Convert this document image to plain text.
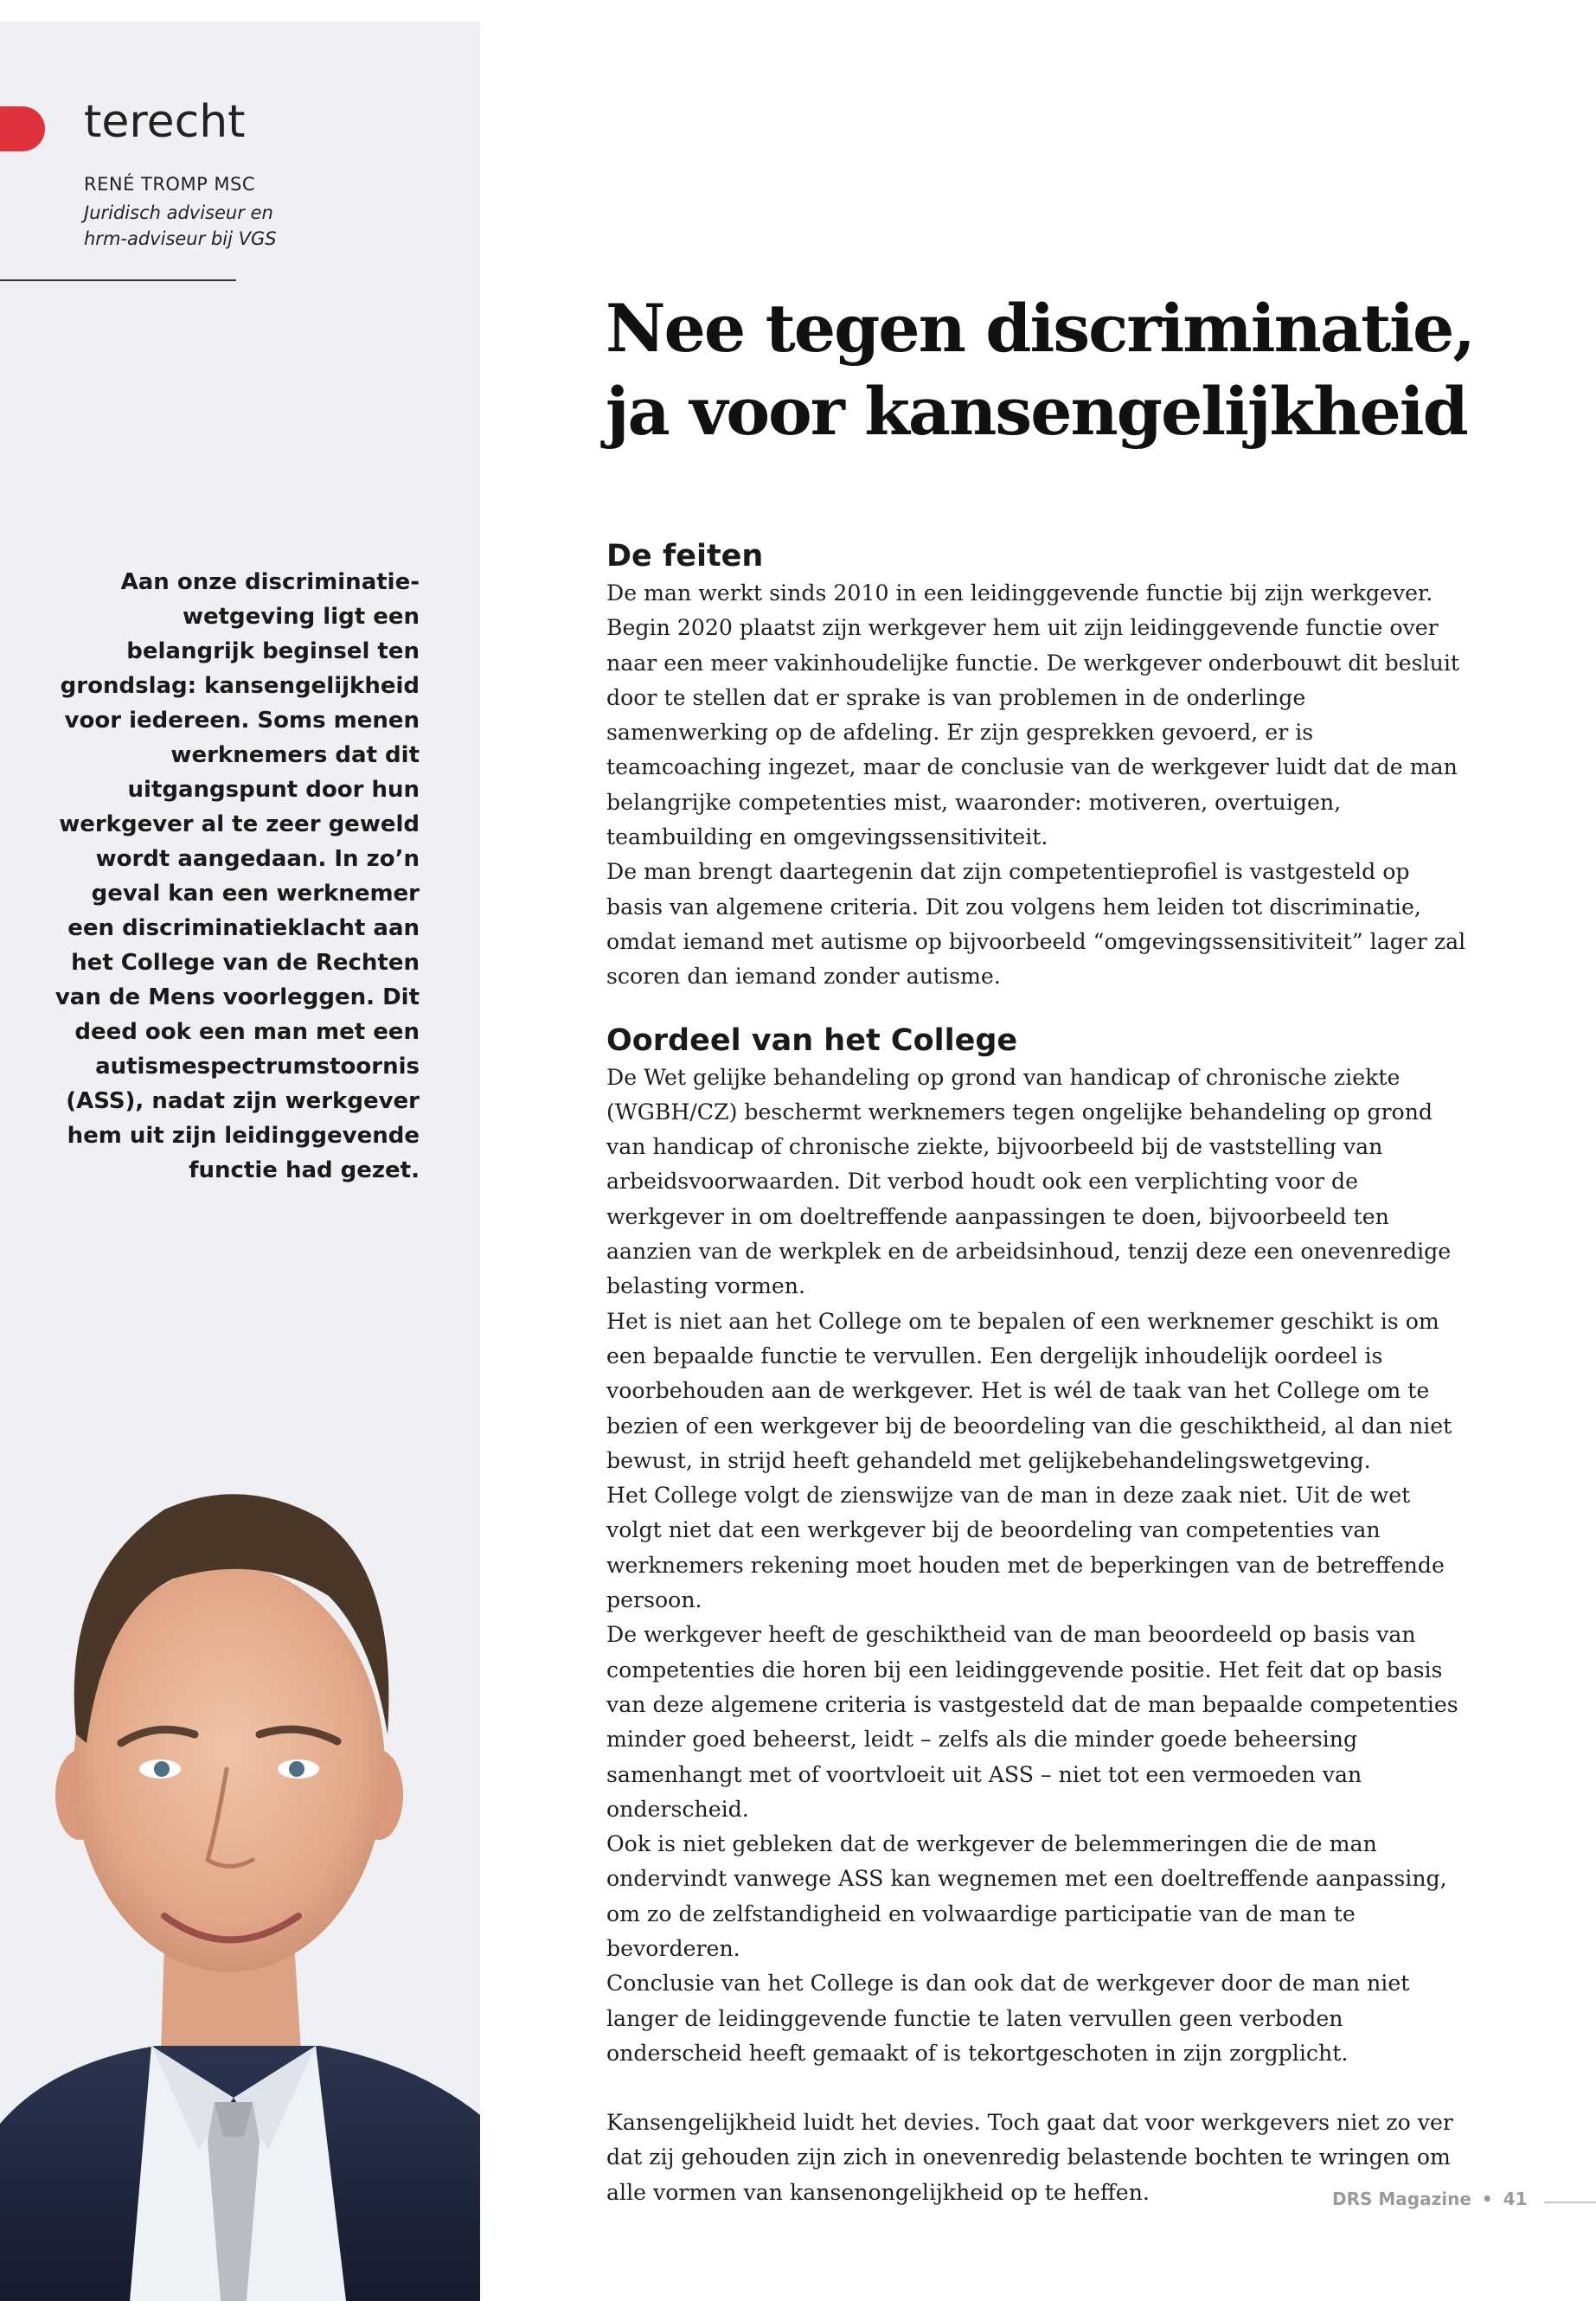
terecht
RENÉ TROMP MSC
Juridisch adviseur en
hrm-adviseur bij VGS

Aan onze discriminatie-wetgeving ligt een belangrijk beginsel ten grondslag: kansengelijkheid voor iedereen. Soms menen werknemers dat dit uitgangspunt door hun werkgever al te zeer geweld wordt aangedaan. In zo’n geval kan een werknemer een discriminatieklacht aan het College van de Rechten van de Mens voorleggen. Dit deed ook een man met een autismespectrumstoornis (ASS), nadat zijn werkgever hem uit zijn leidinggevende functie had gezet.

Nee tegen discriminatie,
ja voor kansengelijkheid
De feiten

De man werkt sinds 2010 in een leidinggevende functie bij zijn werkgever. Begin 2020 plaatst zijn werkgever hem uit zijn leidinggevende functie over naar een meer vakinhoudelijke functie. De werkgever onderbouwt dit besluit door te stellen dat er sprake is van problemen in de onderlinge samenwerking op de afdeling. Er zijn gesprekken gevoerd, er is teamcoaching ingezet, maar de conclusie van de werkgever luidt dat de man belangrijke competenties mist, waaronder: motiveren, overtuigen, teambuilding en omgevingssensitiviteit.

De man brengt daartegenin dat zijn competentieprofiel is vastgesteld op basis van algemene criteria. Dit zou volgens hem leiden tot discriminatie, omdat iemand met autisme op bijvoorbeeld “omgevingssensitiviteit” lager zal scoren dan iemand zonder autisme.

Oordeel van het College

De Wet gelijke behandeling op grond van handicap of chronische ziekte (WGBH/CZ) beschermt werknemers tegen ongelijke behandeling op grond van handicap of chronische ziekte, bijvoorbeeld bij de vaststelling van arbeidsvoorwaarden. Dit verbod houdt ook een verplichting voor de werkgever in om doeltreffende aanpassingen te doen, bijvoorbeeld ten aanzien van de werkplek en de arbeidsinhoud, tenzij deze een onevenredige belasting vormen.

Het is niet aan het College om te bepalen of een werknemer geschikt is om een bepaalde functie te vervullen. Een dergelijk inhoudelijk oordeel is voorbehouden aan de werkgever. Het is wél de taak van het College om te bezien of een werkgever bij de beoordeling van die geschiktheid, al dan niet bewust, in strijd heeft gehandeld met gelijkebehandelingswetgeving.

Het College volgt de zienswijze van de man in deze zaak niet. Uit de wet volgt niet dat een werkgever bij de beoordeling van competenties van werknemers rekening moet houden met de beperkingen van de betreffende persoon.

De werkgever heeft de geschiktheid van de man beoordeeld op basis van competenties die horen bij een leidinggevende positie. Het feit dat op basis van deze algemene criteria is vastgesteld dat de man bepaalde competenties minder goed beheerst, leidt – zelfs als die minder goede beheersing samenhangt met of voortvloeit uit ASS – niet tot een vermoeden van onderscheid.

Ook is niet gebleken dat de werkgever de belemmeringen die de man ondervindt vanwege ASS kan wegnemen met een doeltreffende aanpassing, om zo de zelfstandigheid en volwaardige participatie van de man te bevorderen.

Conclusie van het College is dan ook dat de werkgever door de man niet langer de leidinggevende functie te laten vervullen geen verboden onderscheid heeft gemaakt of is tekortgeschoten in zijn zorgplicht.

Kansengelijkheid luidt het devies. Toch gaat dat voor werkgevers niet zo ver dat zij gehouden zijn zich in onevenredig belastende bochten te wringen om alle vormen van kansenongelijkheid op te heffen.	DRS Magazine • 41
